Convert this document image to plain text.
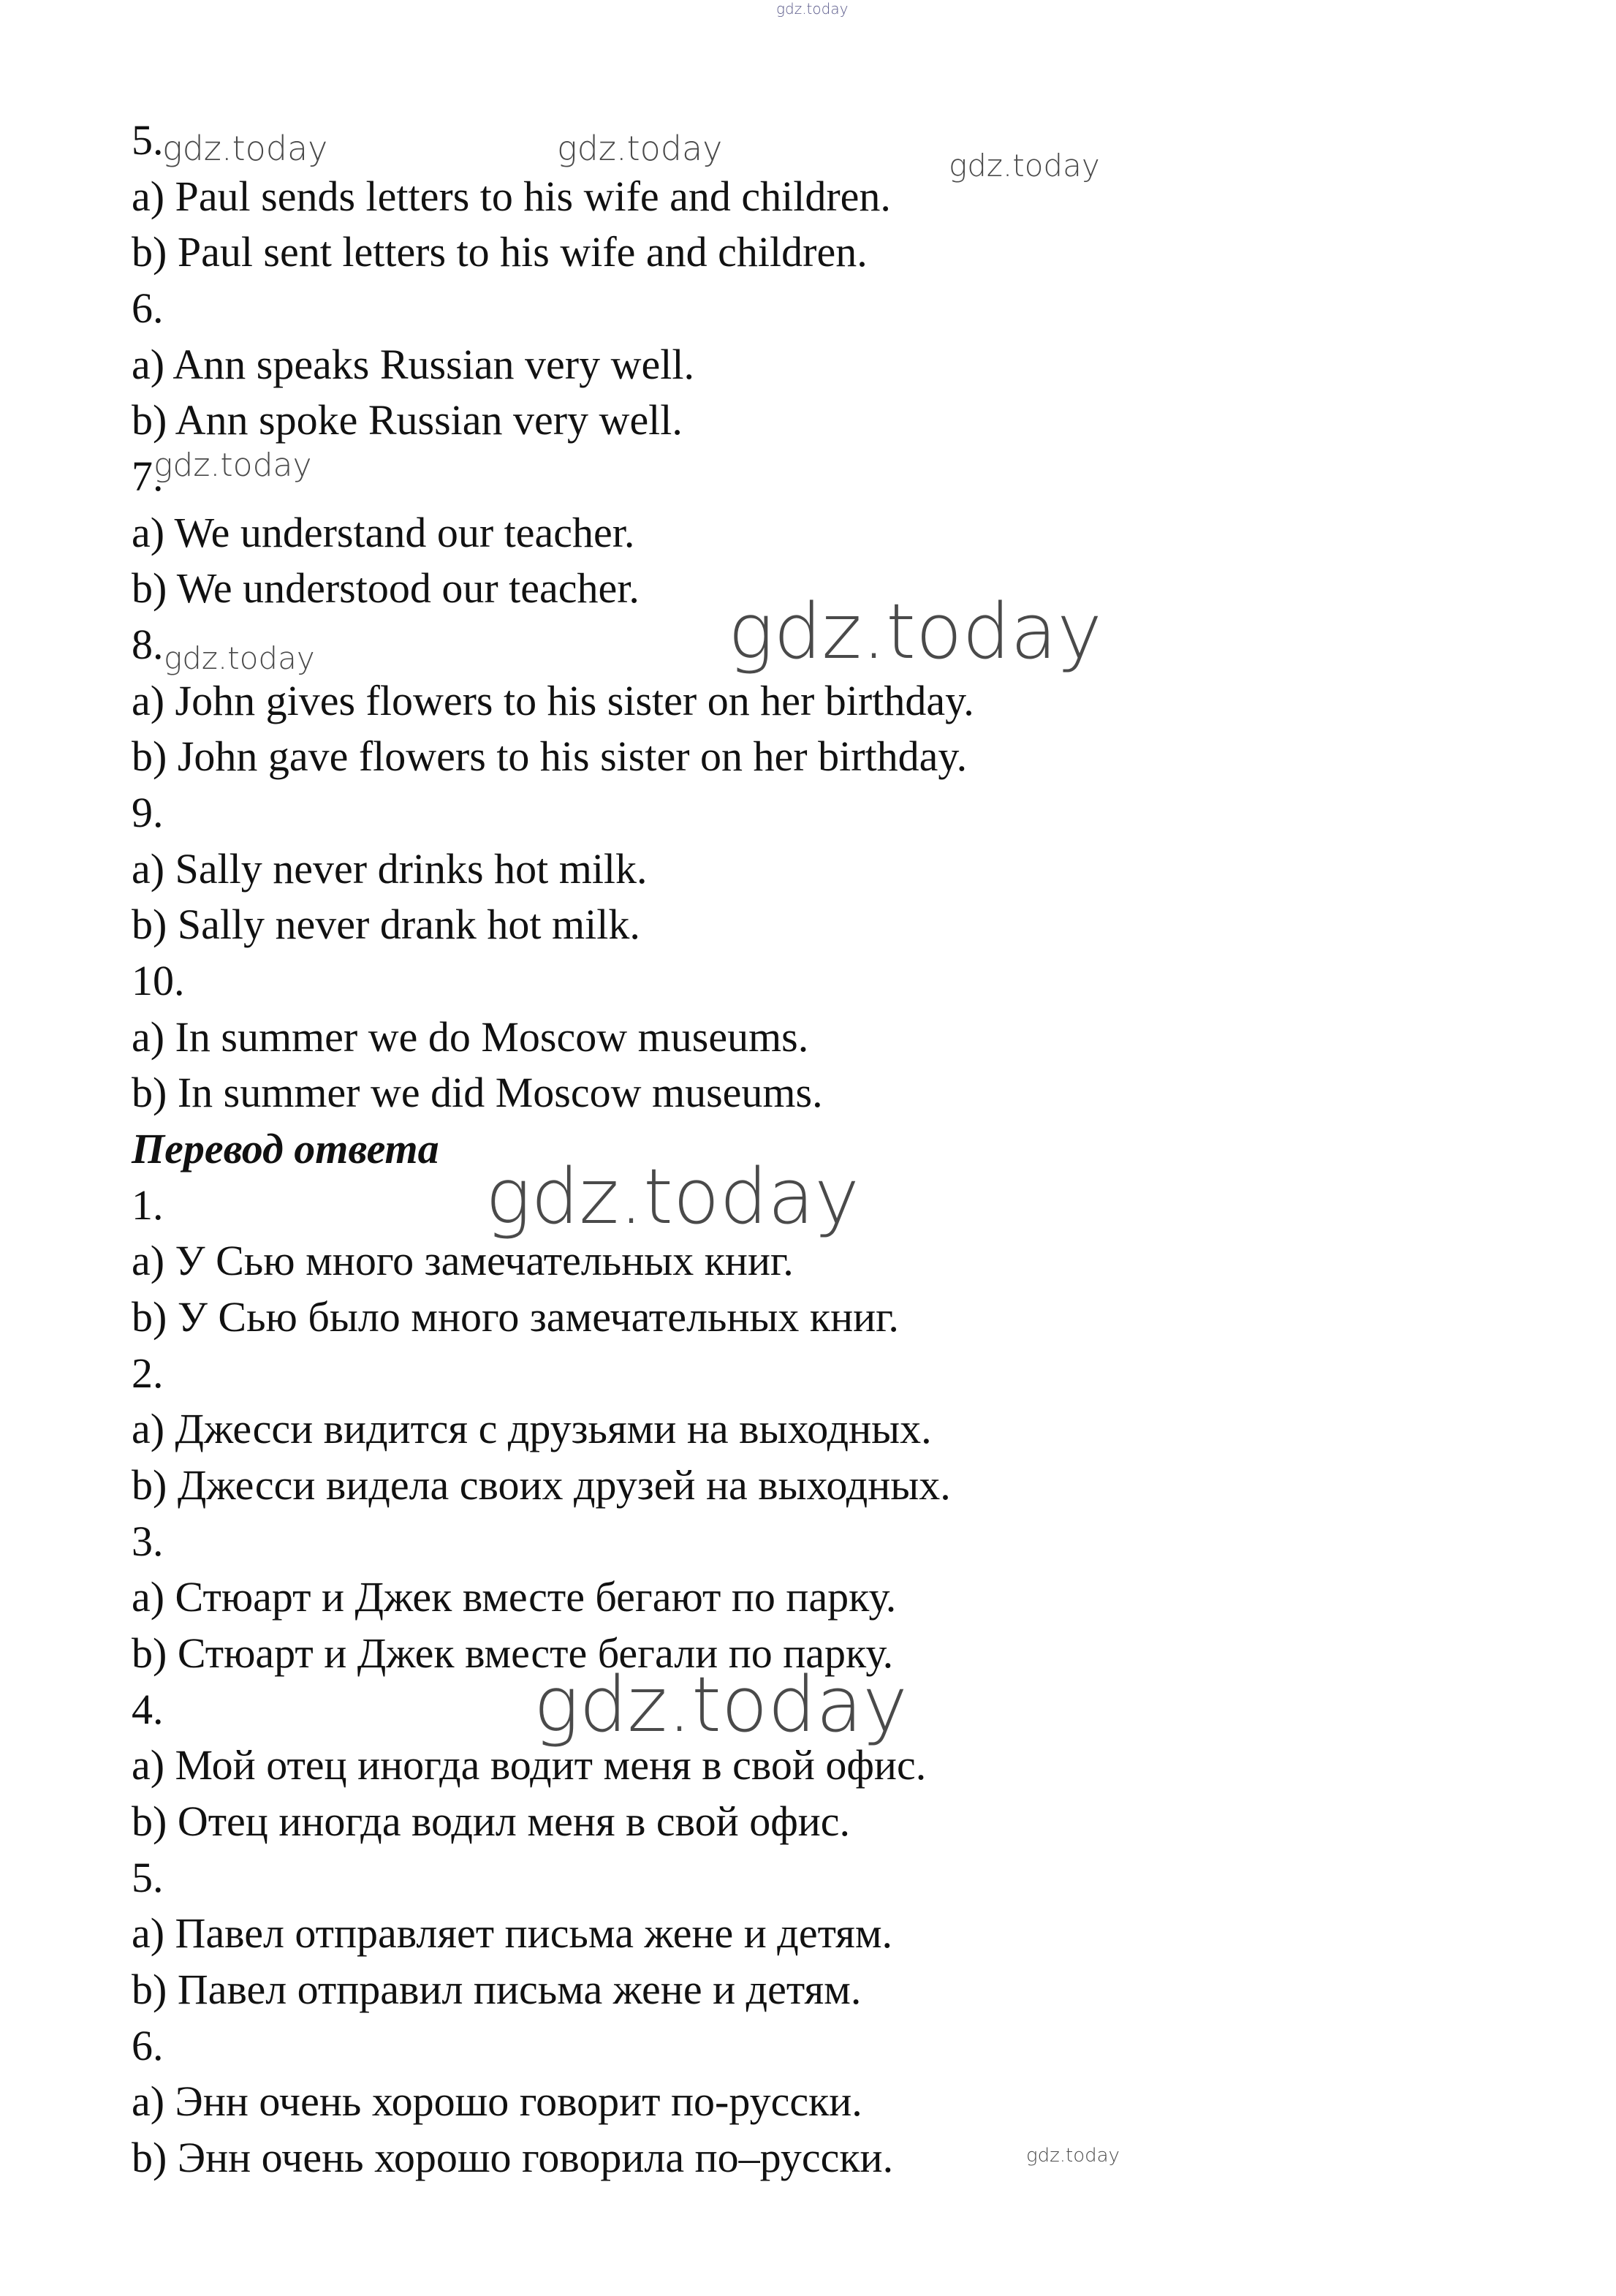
5.
a) Paul sends letters to his wife and children.
b) Paul sent letters to his wife and children.
6.
a) Ann speaks Russian very well.
b) Ann spoke Russian very well.
7.
a) We understand our teacher.
b) We understood our teacher.
8.
a) John gives flowers to his sister on her birthday.
b) John gave flowers to his sister on her birthday.
9.
a) Sally never drinks hot milk.
b) Sally never drank hot milk.
10.
a) In summer we do Moscow museums.
b) In summer we did Moscow museums.
Перевод ответа
1.
a) У Сью много замечательных книг.
b) У Сью было много замечательных книг.
2.
a) Джесси видится с друзьями на выходных.
b) Джесси видела своих друзей на выходных.
3.
a) Стюарт и Джек вместе бегают по парку.
b) Стюарт и Джек вместе бегали по парку.
4.
a) Мой отец иногда водит меня в свой офис.
b) Отец иногда водил меня в свой офис.
5.
a) Павел отправляет письма жене и детям.
b) Павел отправил письма жене и детям.
6.
a) Энн очень хорошо говорит по-русски.
b) Энн очень хорошо говорила по–русски.
gdz.today
gdz.today	gdz.today	gdz.today
gdz.today
gdz.today	gdz.today
gdz.today
gdz.today
gdz.today
